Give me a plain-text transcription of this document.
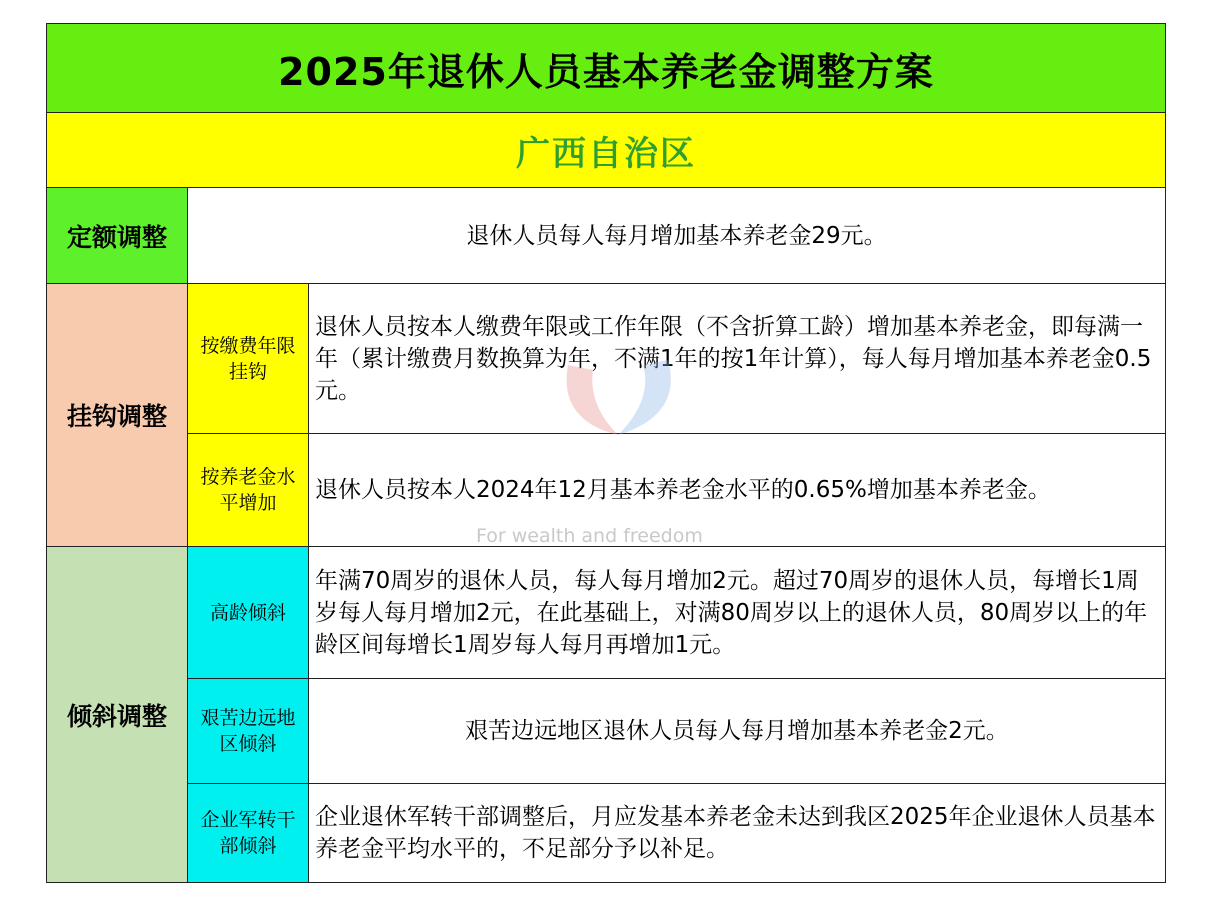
2025年退休人员基本养老金调整方案		
广西自治区		
定额调整	退休人员每人每月增加基本养老金29元。	
挂钩调整	按缴费年限挂钩	退休人员按本人缴费年限或工作年限（不含折算工龄）增加基本养老金，即每满一年（累计缴费月数换算为年，不满1年的按1年计算），每人每月增加基本养老金0.5元。
	按养老金水平增加	退休人员按本人2024年12月基本养老金水平的0.65%增加基本养老金。
倾斜调整	高龄倾斜	年满70周岁的退休人员，每人每月增加2元。超过70周岁的退休人员，每增长1周岁每人每月增加2元，在此基础上，对满80周岁以上的退休人员，80周岁以上的年龄区间每增长1周岁每人每月再增加1元。
	艰苦边远地区倾斜	艰苦边远地区退休人员每人每月增加基本养老金2元。
	企业军转干部倾斜	企业退休军转干部调整后，月应发基本养老金未达到我区2025年企业退休人员基本养老金平均水平的，不足部分予以补足。
For wealth and freedom
